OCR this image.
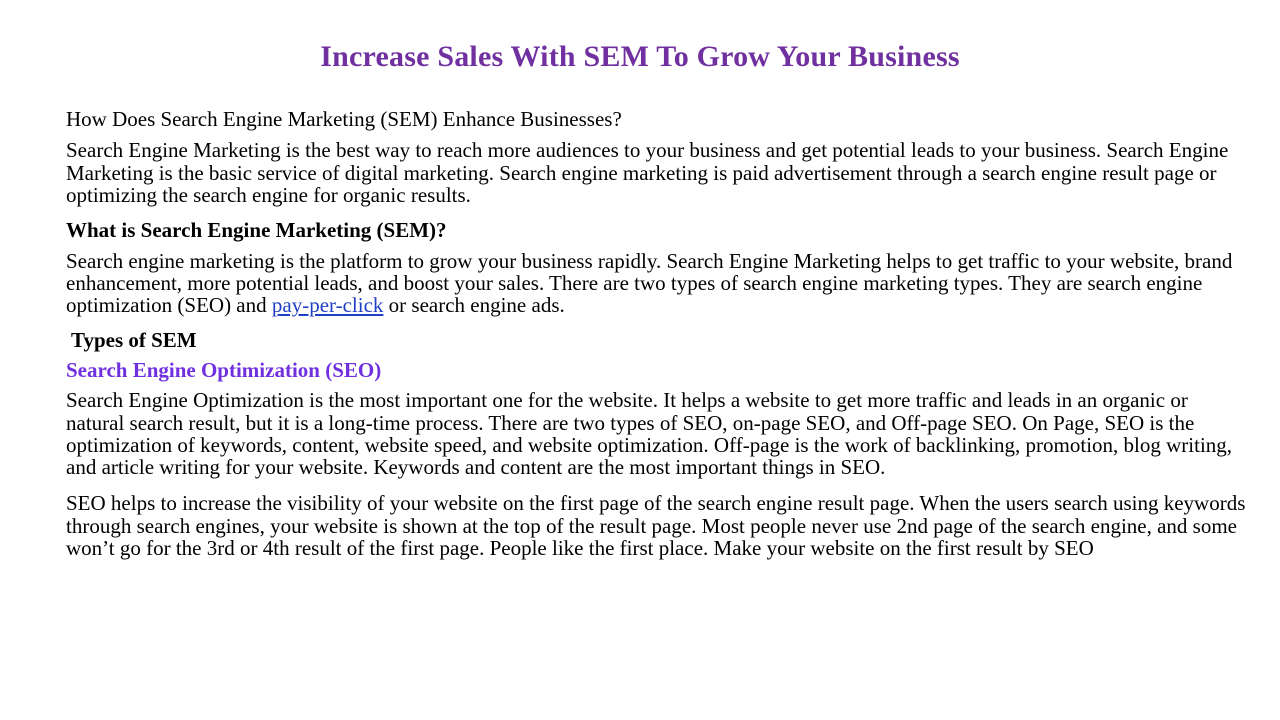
Increase Sales With SEM To Grow Your Business

How Does Search Engine Marketing (SEM) Enhance Businesses?

Search Engine Marketing is the best way to reach more audiences to your business and get potential leads to your business. Search Engine Marketing is the basic service of digital marketing. Search engine marketing is paid advertisement through a search engine result page or optimizing the search engine for organic results.

What is Search Engine Marketing (SEM)?

Search engine marketing is the platform to grow your business rapidly. Search Engine Marketing helps to get traffic to your website, brand enhancement, more potential leads, and boost your sales. There are two types of search engine marketing types. They are search engine optimization (SEO) and pay-per-click or search engine ads.

Types of SEM

Search Engine Optimization (SEO)

Search Engine Optimization is the most important one for the website. It helps a website to get more traffic and leads in an organic or natural search result, but it is a long-time process. There are two types of SEO, on-page SEO, and Off-page SEO. On Page, SEO is the optimization of keywords, content, website speed, and website optimization. Off-page is the work of backlinking, promotion, blog writing, and article writing for your website. Keywords and content are the most important things in SEO.

SEO helps to increase the visibility of your website on the first page of the search engine result page. When the users search using keywords through search engines, your website is shown at the top of the result page. Most people never use 2nd page of the search engine, and some won’t go for the 3rd or 4th result of the first page. People like the first place. Make your website on the first result by SEO
